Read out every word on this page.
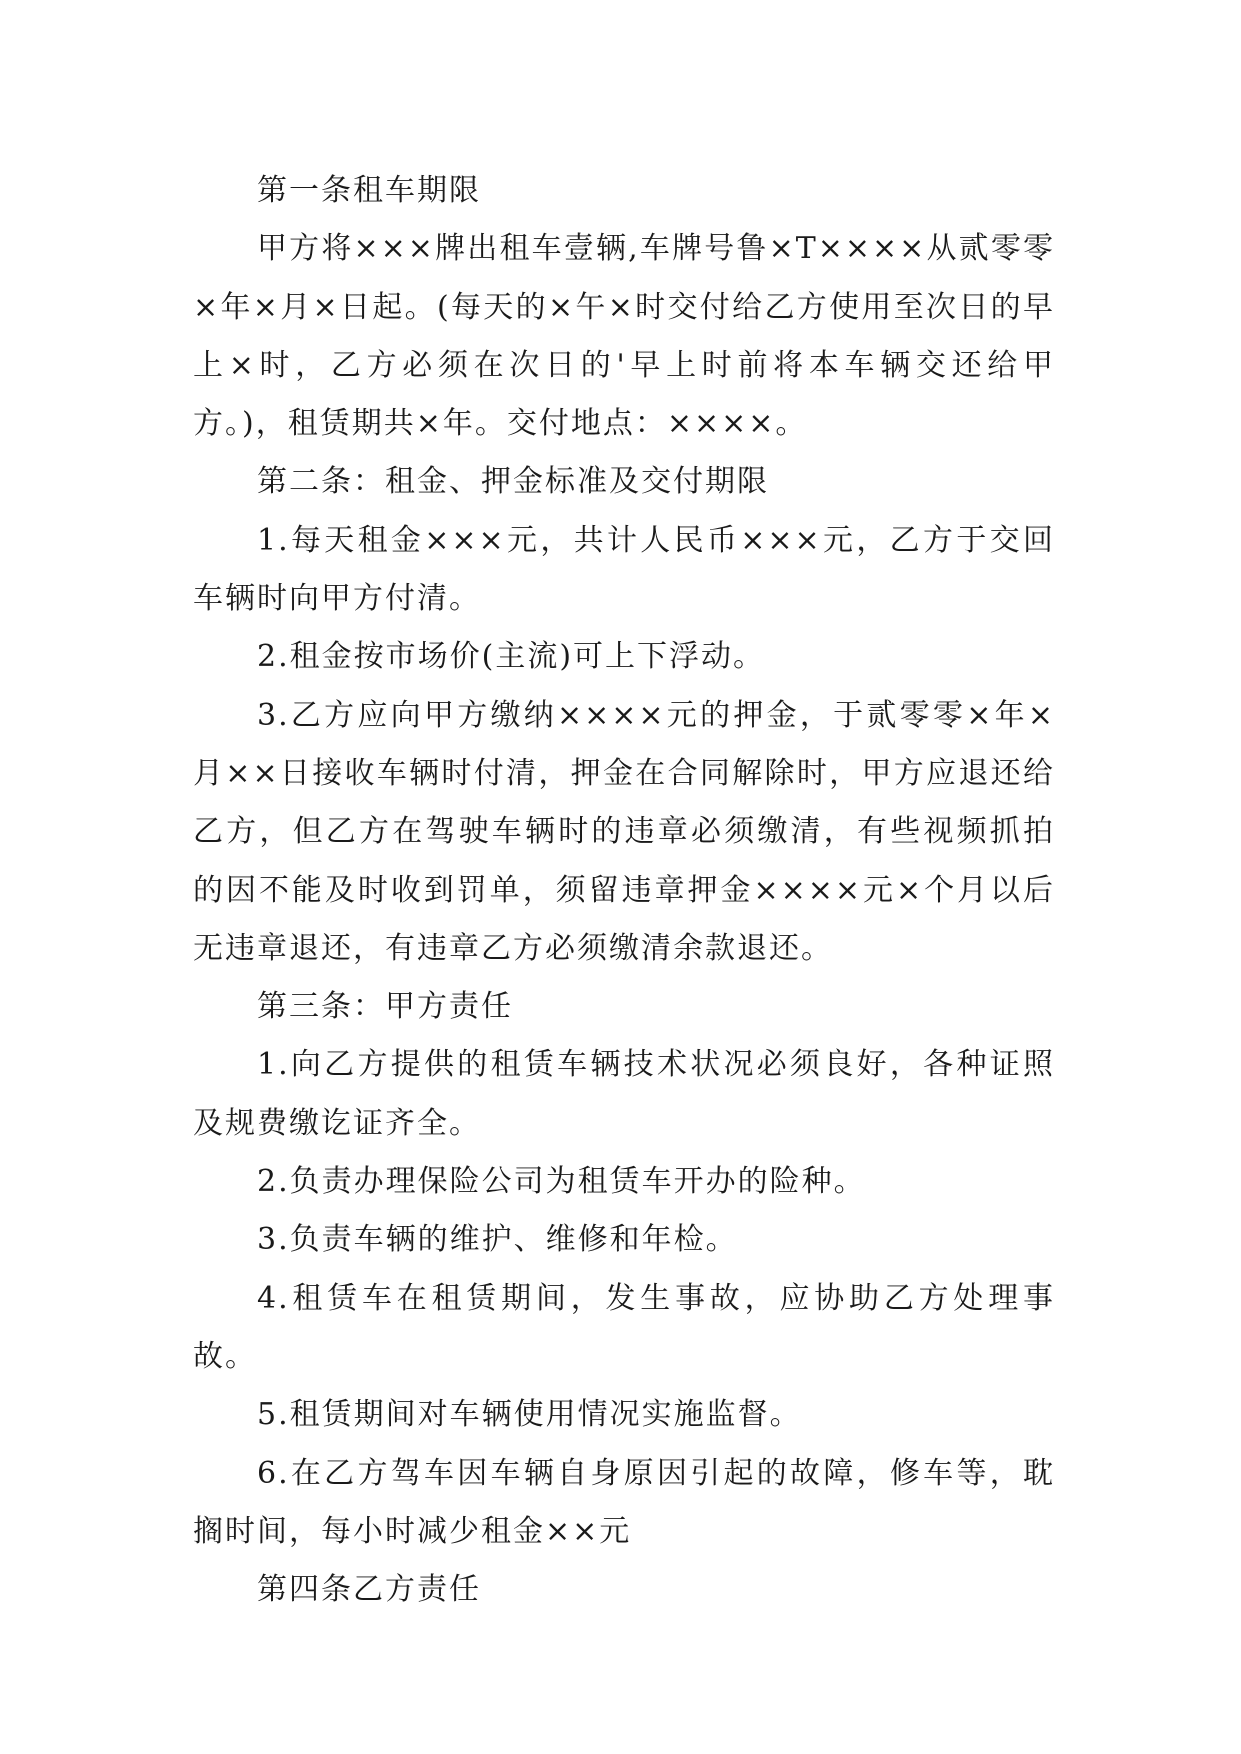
第一条租车期限

甲方将×××牌出租车壹辆,车牌号鲁×T××××从贰零零×年×月×日起。(每天的×午×时交付给乙方使用至次日的早上×时，乙方必须在次日的'早上时前将本车辆交还给甲方。)，租赁期共×年。交付地点：××××。

第二条：租金、押金标准及交付期限

1.每天租金×××元，共计人民币×××元，乙方于交回车辆时向甲方付清。

2.租金按市场价(主流)可上下浮动。

3.乙方应向甲方缴纳××××元的押金，于贰零零×年×月××日接收车辆时付清，押金在合同解除时，甲方应退还给乙方，但乙方在驾驶车辆时的违章必须缴清，有些视频抓拍的因不能及时收到罚单，须留违章押金××××元×个月以后无违章退还，有违章乙方必须缴清余款退还。

第三条：甲方责任

1.向乙方提供的租赁车辆技术状况必须良好，各种证照及规费缴讫证齐全。

2.负责办理保险公司为租赁车开办的险种。

3.负责车辆的维护、维修和年检。

4.租赁车在租赁期间，发生事故，应协助乙方处理事故。

5.租赁期间对车辆使用情况实施监督。

6.在乙方驾车因车辆自身原因引起的故障，修车等，耽搁时间，每小时减少租金××元

第四条乙方责任
